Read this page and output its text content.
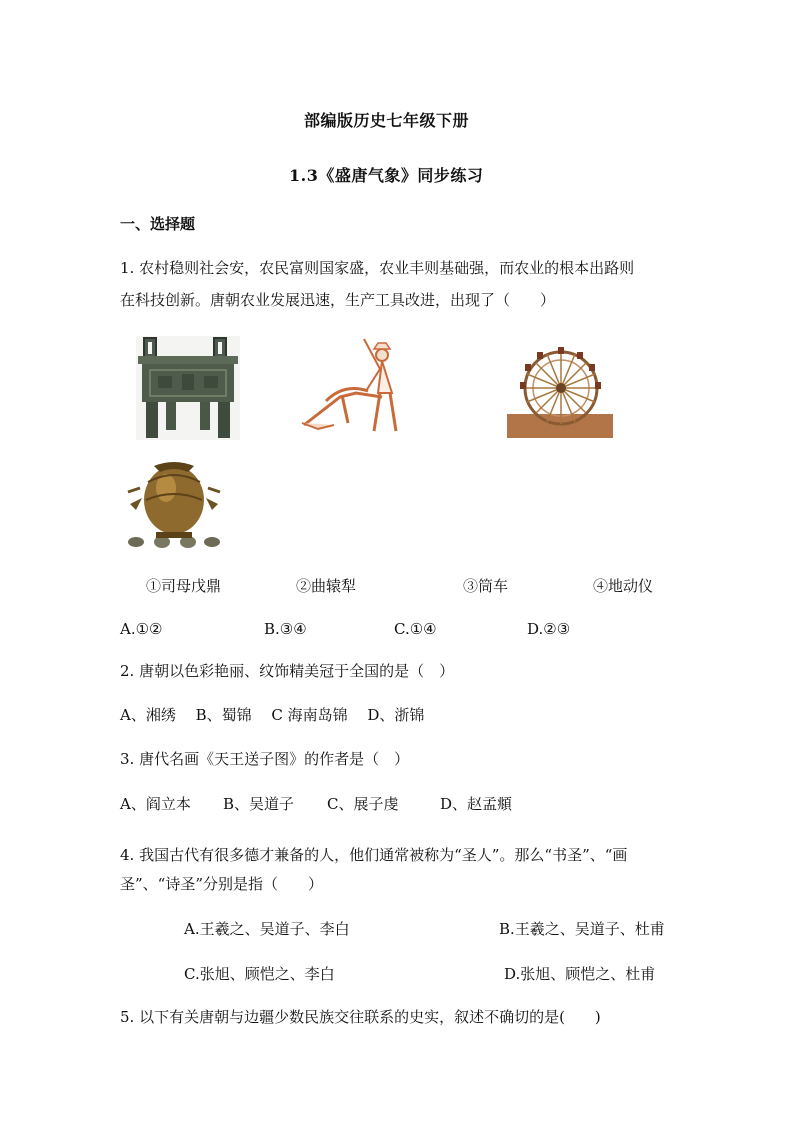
部编版历史七年级下册
1.3《盛唐气象》同步练习
一、选择题
1. 农村稳则社会安，农民富则国家盛，农业丰则基础强，而农业的根本出路则
在科技创新。唐朝农业发展迅速，生产工具改进，出现了（　　）
①司母戊鼎	②曲辕犁	③筒车	④地动仪
A.①②	B.③④	C.①④	D.②③
2. 唐朝以色彩艳丽、纹饰精美冠于全国的是（　）
A、湘绣　 B、蜀锦　 C 海南岛锦　 D、浙锦
3. 唐代名画《天王送子图》的作者是（　）
A、阎立本 B、吴道子 C、展子虔	D、赵孟頫
4. 我国古代有很多德才兼备的人，他们通常被称为“圣人”。那么“书圣”、“画
圣”、“诗圣”分别是指（　　）
A.王羲之、吴道子、李白	B.王羲之、吴道子、杜甫
C.张旭、顾恺之、李白	D.张旭、顾恺之、杜甫
5. 以下有关唐朝与边疆少数民族交往联系的史实，叙述不确切的是(　　)
